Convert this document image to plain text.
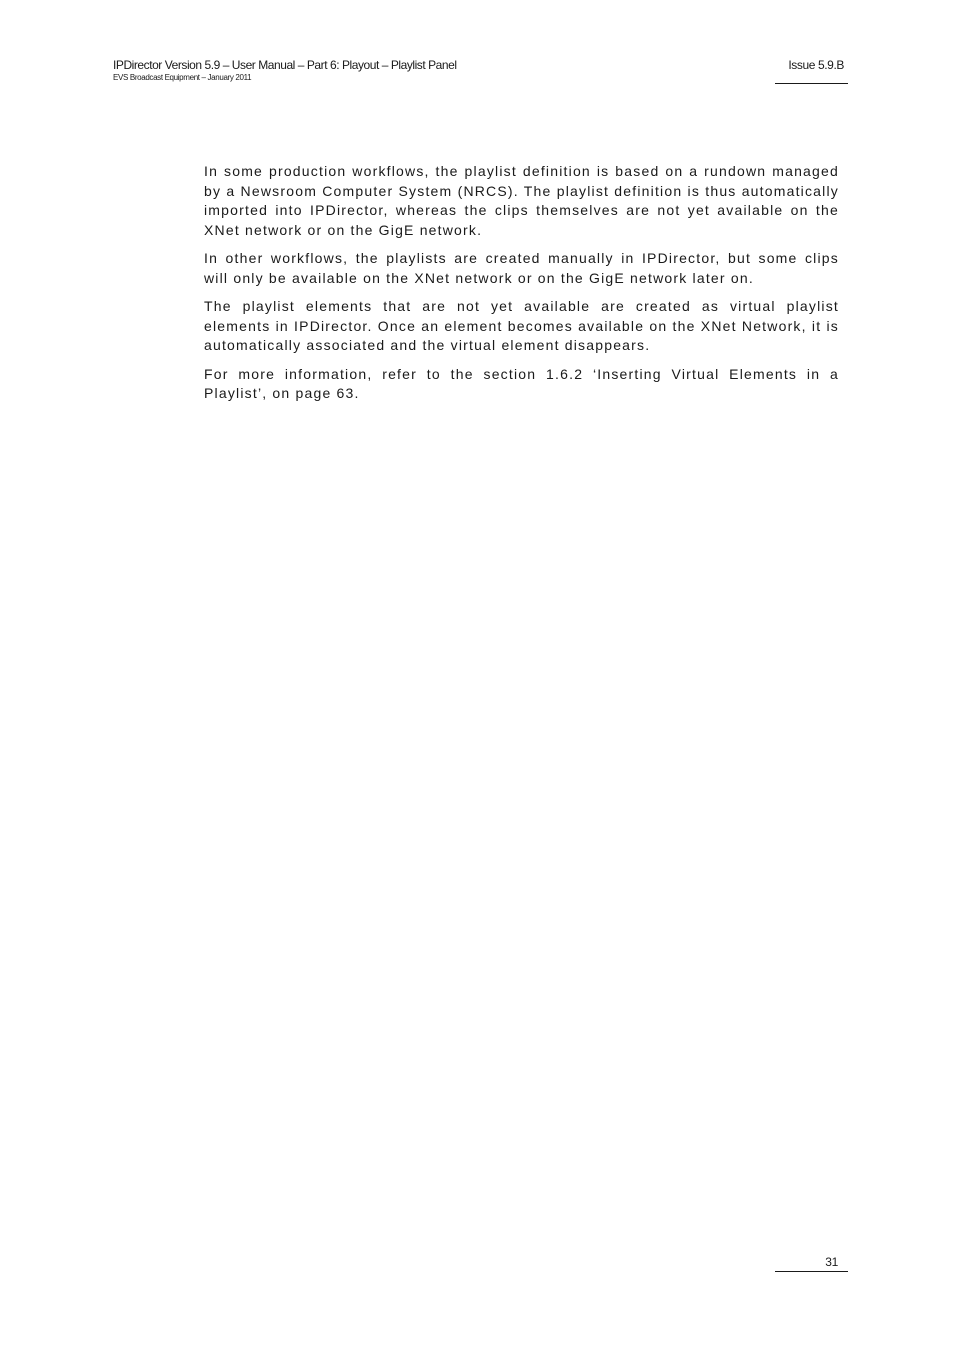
IPDirector Version 5.9 – User Manual – Part 6: Playout – Playlist Panel
EVS Broadcast Equipment – January 2011
Issue 5.9.B

In some production workflows, the playlist definition is based on a rundown managed by a Newsroom Computer System (NRCS). The playlist definition is thus automatically imported into IPDirector, whereas the clips themselves are not yet available on the XNet network or on the GigE network.

In other workflows, the playlists are created manually in IPDirector, but some clips will only be available on the XNet network or on the GigE network later on.

The playlist elements that are not yet available are created as virtual playlist elements in IPDirector. Once an element becomes available on the XNet Network, it is automatically associated and the virtual element disappears.

For more information, refer to the section 1.6.2 ‘Inserting Virtual Elements in a Playlist’, on page 63.

31
